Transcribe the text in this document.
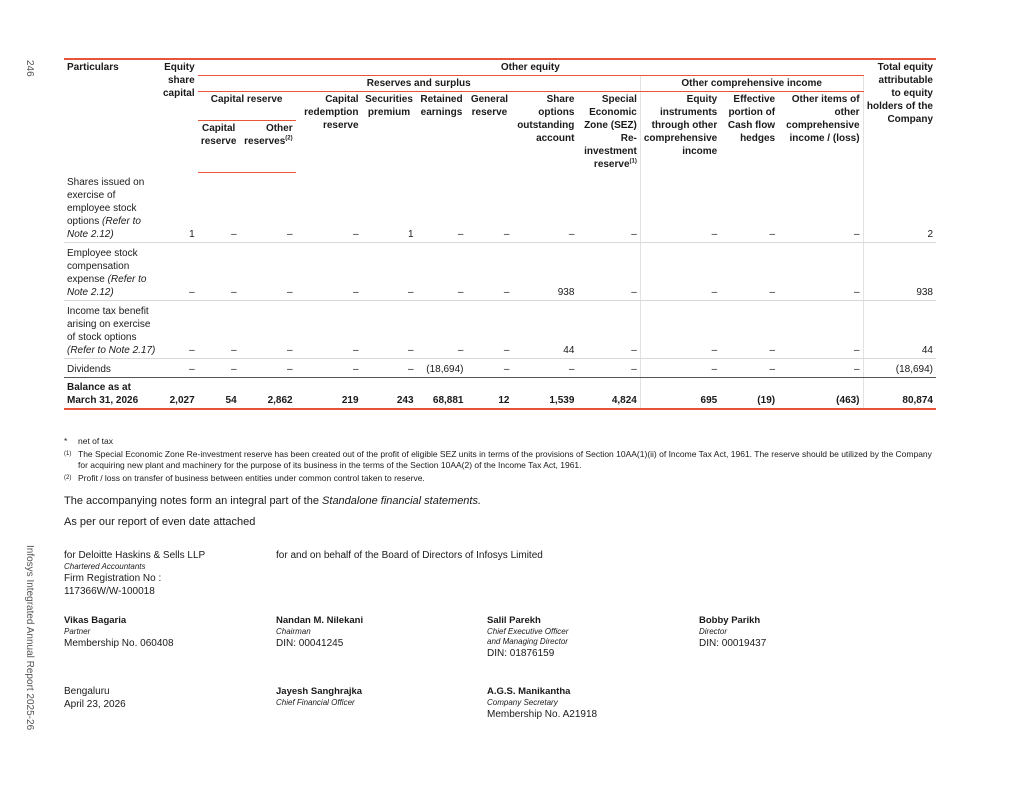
246
Infosys Integrated Annual Report 2025-26
Particulars	Equity share capital	Other equity											Total equity attributable to equity holders of the Company
		Reserves and surplus								Other comprehensive income			
		Capital reserve		Capital redemption reserve	Securities premium	Retained earnings	General reserve	Share options outstanding account	Special Economic Zone (SEZ) Re-investment reserve$^{(1)}$	Equity instruments through other comprehensive income	Effective portion of Cash flow hedges	Other items of other comprehensive income / (loss)	
		Capital reserve	Other reserves$^{(2)}$
Shares issued on exercise of employee stock options (Refer to Note 2.12)	1	–	–	–	1	–	–	–	–	–	–	–	2
Employee stock compensation expense (Refer to Note 2.12)	–	–	–	–	–	–	–	938	–	–	–	–	938
Income tax benefit arising on exercise of stock options (Refer to Note 2.17)	–	–	–	–	–	–	–	44	–	–	–	–	44
Dividends	–	–	–	–	–	(18,694)	–	–	–	–	–	–	(18,694)
Balance as at March 31, 2026	2,027	54	2,862	219	243	68,881	12	1,539	4,824	695	(19)	(463)	80,874
*	net of tax
$^{(1)}$ The Special Economic Zone Re-investment reserve has been created out of the profit of eligible SEZ units in terms of the provisions of Section 10AA(1)(ii) of Income Tax Act, 1961. The reserve should be utilized by the Company for acquiring new plant and machinery for the purpose of its business in the terms of the Section 10AA(2) of the Income Tax Act, 1961.
$^{(2)}$ Profit / loss on transfer of business between entities under common control taken to reserve.
The accompanying notes form an integral part of the Standalone financial statements.
As per our report of even date attached
for Deloitte Haskins & Sells LLP
Chartered Accountants
Firm Registration No :
117366W/W-100018
for and on behalf of the Board of Directors of Infosys Limited
Vikas Bagaria
Partner
Membership No. 060408
Nandan M. Nilekani
Chairman
DIN: 00041245
Salil Parekh
Chief Executive Officer
and Managing Director
DIN: 01876159
Bobby Parikh
Director
DIN: 00019437
Bengaluru
April 23, 2026
Jayesh Sanghrajka
Chief Financial Officer
A.G.S. Manikantha
Company Secretary
Membership No. A21918
